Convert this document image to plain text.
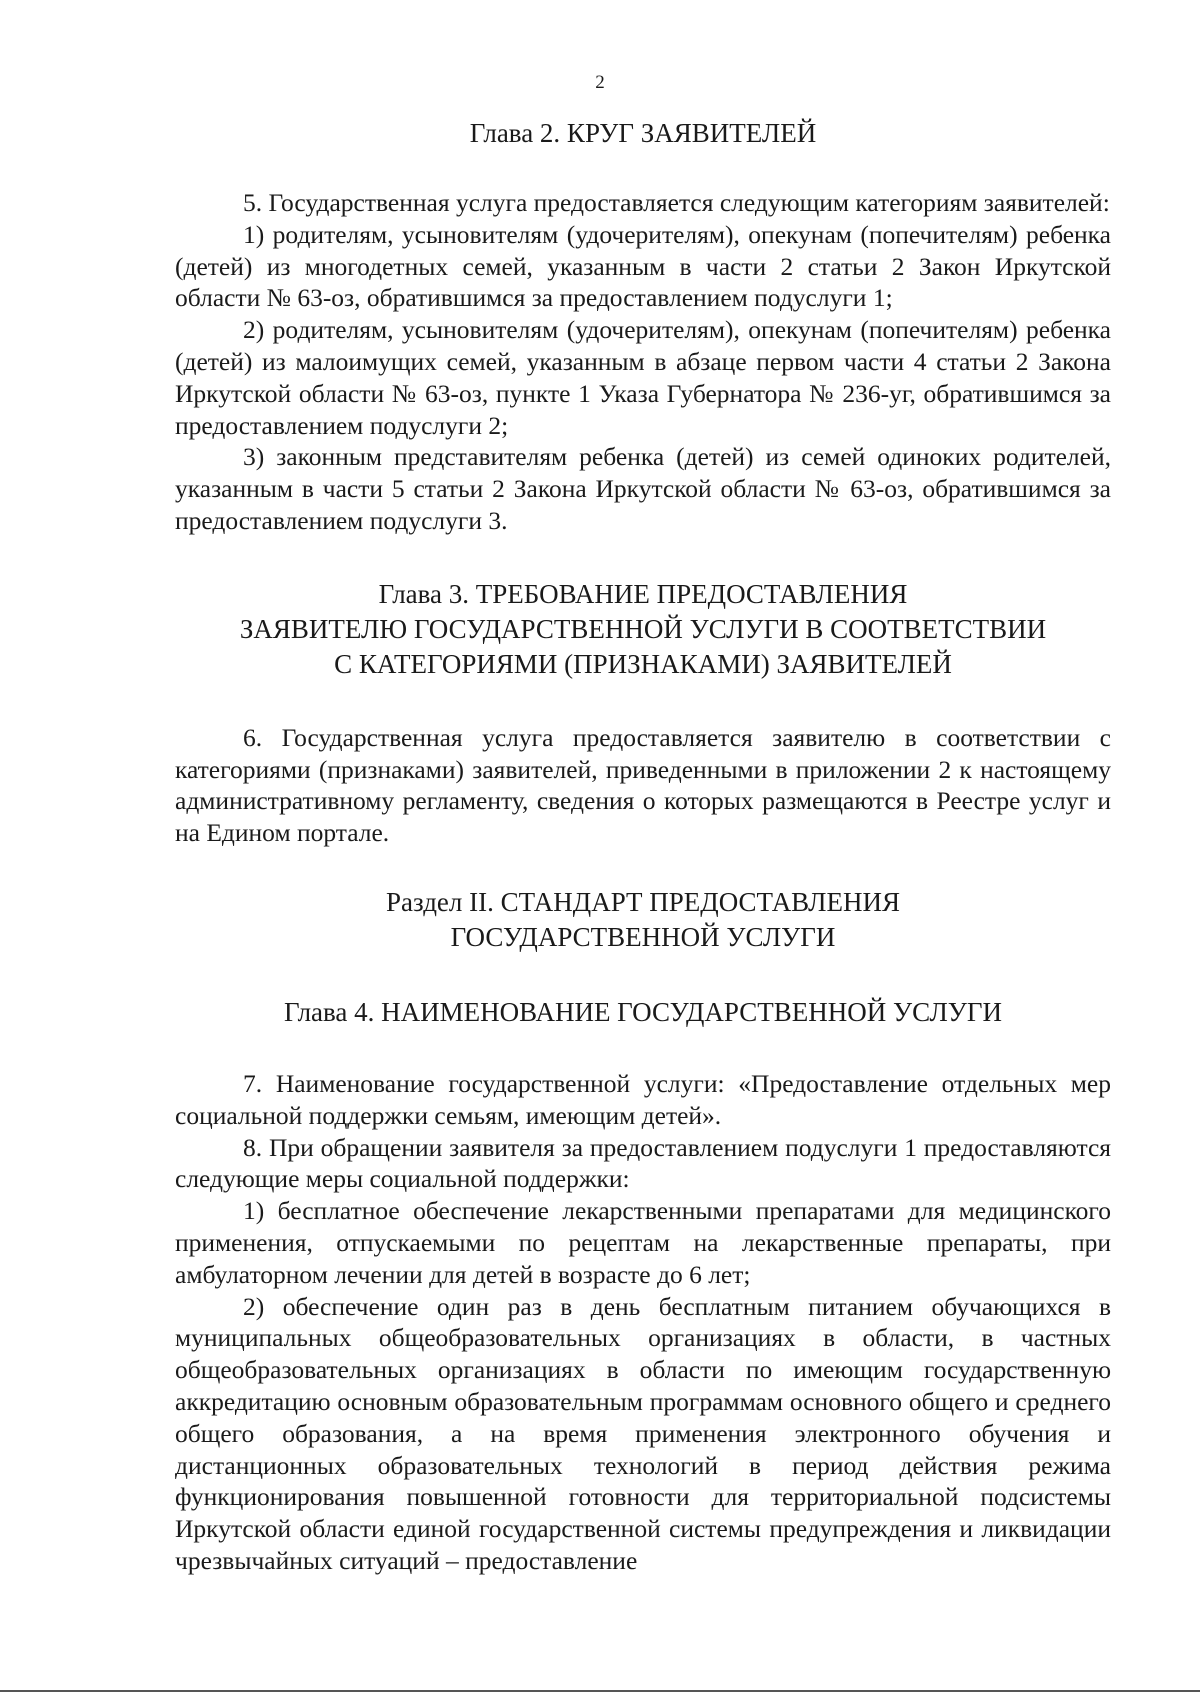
2
Глава 2. КРУГ ЗАЯВИТЕЛЕЙ

5. Государственная услуга предоставляется следующим категориям заявителей:

1) родителям, усыновителям (удочерителям), опекунам (попечителям) ребенка (детей) из многодетных семей, указанным в части 2 статьи 2 Закон Иркутской области № 63-оз, обратившимся за предоставлением подуслуги 1;

2) родителям, усыновителям (удочерителям), опекунам (попечителям) ребенка (детей) из малоимущих семей, указанным в абзаце первом части 4 статьи 2 Закона Иркутской области № 63-оз, пункте 1 Указа Губернатора № 236-уг, обратившимся за предоставлением подуслуги 2;

3) законным представителям ребенка (детей) из семей одиноких родителей, указанным в части 5 статьи 2 Закона Иркутской области № 63-оз, обратившимся за предоставлением подуслуги 3.

Глава 3. ТРЕБОВАНИЕ ПРЕДОСТАВЛЕНИЯ
ЗАЯВИТЕЛЮ ГОСУДАРСТВЕННОЙ УСЛУГИ В СООТВЕТСТВИИ
С КАТЕГОРИЯМИ (ПРИЗНАКАМИ) ЗАЯВИТЕЛЕЙ

6. Государственная услуга предоставляется заявителю в соответствии с категориями (признаками) заявителей, приведенными в приложении 2 к настоящему административному регламенту, сведения о которых размещаются в Реестре услуг и на Едином портале.

Раздел II. СТАНДАРТ ПРЕДОСТАВЛЕНИЯ
ГОСУДАРСТВЕННОЙ УСЛУГИ
Глава 4. НАИМЕНОВАНИЕ ГОСУДАРСТВЕННОЙ УСЛУГИ

7. Наименование государственной услуги: «Предоставление отдельных мер социальной поддержки семьям, имеющим детей».

8. При обращении заявителя за предоставлением подуслуги 1 предоставляются следующие меры социальной поддержки:

1) бесплатное обеспечение лекарственными препаратами для медицинского применения, отпускаемыми по рецептам на лекарственные препараты, при амбулаторном лечении для детей в возрасте до 6 лет;

2) обеспечение один раз в день бесплатным питанием обучающихся в муниципальных общеобразовательных организациях в области, в частных общеобразовательных организациях в области по имеющим государственную аккредитацию основным образовательным программам основного общего и среднего общего образования, а на время применения электронного обучения и дистанционных образовательных технологий в период действия режима функционирования повышенной готовности для территориальной подсистемы Иркутской области единой государственной системы предупреждения и ликвидации чрезвычайных ситуаций – предоставление
